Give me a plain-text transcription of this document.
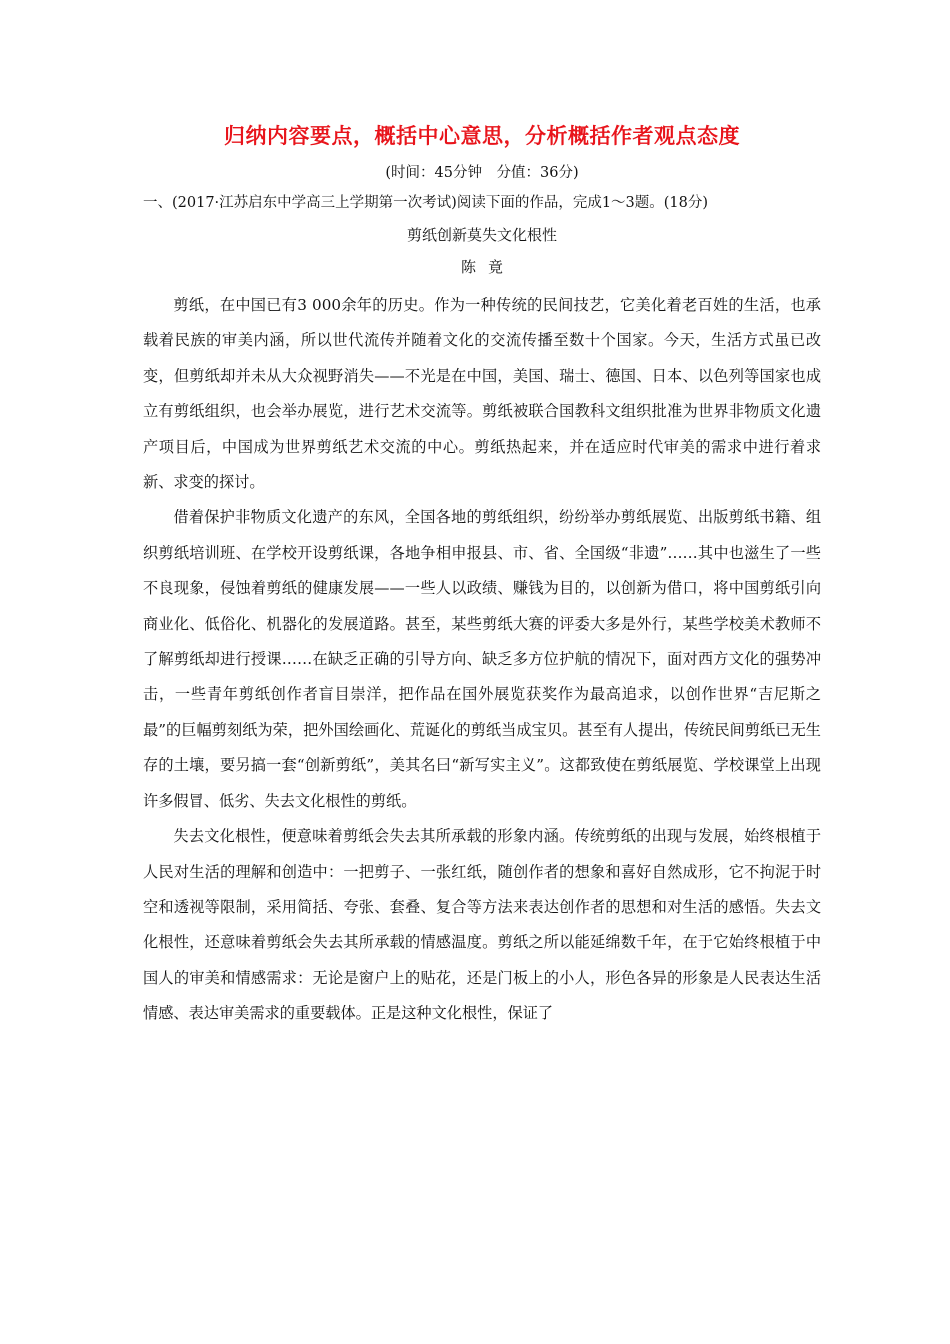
归纳内容要点，概括中心意思，分析概括作者观点态度
(时间：45分钟　分值：36分)
一、(2017·江苏启东中学高三上学期第一次考试)阅读下面的作品，完成1～3题。(18分)
剪纸创新莫失文化根性
陈竟

剪纸，在中国已有3 000余年的历史。作为一种传统的民间技艺，它美化着老百姓的生活，也承载着民族的审美内涵，所以世代流传并随着文化的交流传播至数十个国家。今天，生活方式虽已改变，但剪纸却并未从大众视野消失——不光是在中国，美国、瑞士、德国、日本、以色列等国家也成立有剪纸组织，也会举办展览，进行艺术交流等。剪纸被联合国教科文组织批准为世界非物质文化遗产项目后，中国成为世界剪纸艺术交流的中心。剪纸热起来，并在适应时代审美的需求中进行着求新、求变的探讨。

借着保护非物质文化遗产的东风，全国各地的剪纸组织，纷纷举办剪纸展览、出版剪纸书籍、组织剪纸培训班、在学校开设剪纸课，各地争相申报县、市、省、全国级“非遗”……其中也滋生了一些不良现象，侵蚀着剪纸的健康发展——一些人以政绩、赚钱为目的，以创新为借口，将中国剪纸引向商业化、低俗化、机器化的发展道路。甚至，某些剪纸大赛的评委大多是外行，某些学校美术教师不了解剪纸却进行授课……在缺乏正确的引导方向、缺乏多方位护航的情况下，面对西方文化的强势冲击，一些青年剪纸创作者盲目崇洋，把作品在国外展览获奖作为最高追求，以创作世界“吉尼斯之最”的巨幅剪刻纸为荣，把外国绘画化、荒诞化的剪纸当成宝贝。甚至有人提出，传统民间剪纸已无生存的土壤，要另搞一套“创新剪纸”，美其名曰“新写实主义”。这都致使在剪纸展览、学校课堂上出现许多假冒、低劣、失去文化根性的剪纸。

失去文化根性，便意味着剪纸会失去其所承载的形象内涵。传统剪纸的出现与发展，始终根植于人民对生活的理解和创造中：一把剪子、一张红纸，随创作者的想象和喜好自然成形，它不拘泥于时空和透视等限制，采用简括、夸张、套叠、复合等方法来表达创作者的思想和对生活的感悟。失去文化根性，还意味着剪纸会失去其所承载的情感温度。剪纸之所以能延绵数千年，在于它始终根植于中国人的审美和情感需求：无论是窗户上的贴花，还是门板上的小人，形色各异的形象是人民表达生活情感、表达审美需求的重要载体。正是这种文化根性，保证了
